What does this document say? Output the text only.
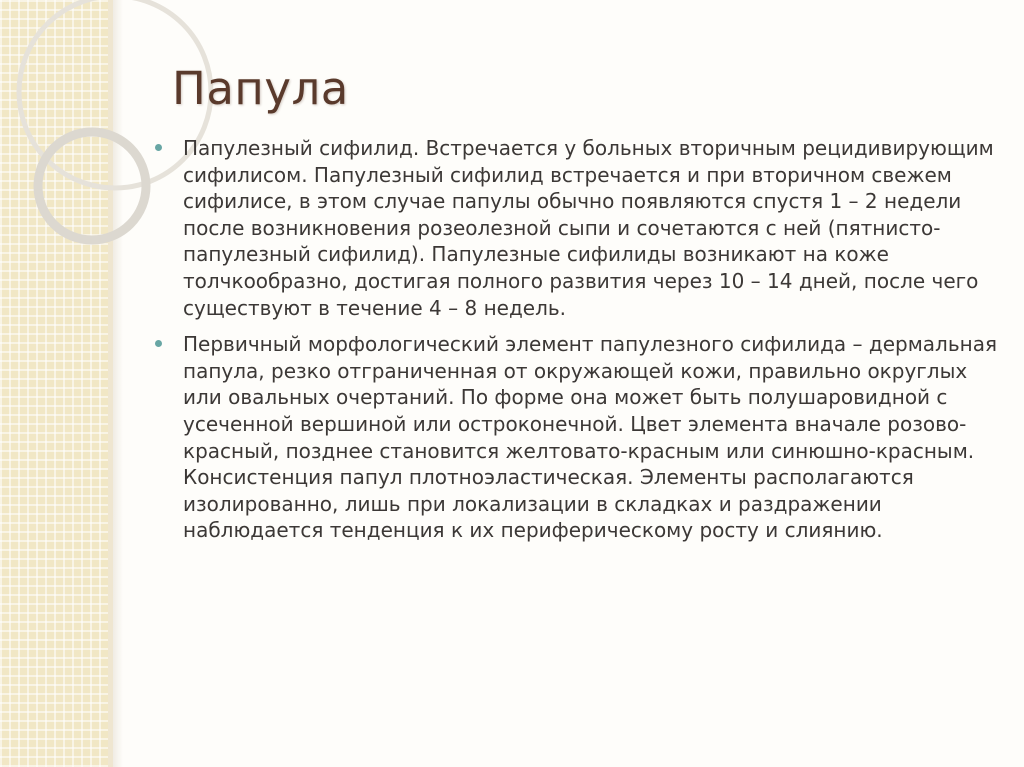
Папула
Папулезный сифилид. Встречается у больных вторичным рецидивирующим сифилисом. Папулезный сифилид встречается и при вторичном свежем сифилисе, в этом случае папулы обычно появляются спустя 1 – 2 недели после возникновения розеолезной сыпи и сочетаются с ней (пятнисто-папулезный сифилид). Папулезные сифилиды возникают на коже толчкообразно, достигая полного развития через 10 – 14 дней, после чего существуют в течение 4 – 8 недель.
Первичный морфологический элемент папулезного сифилида – дермальная папула, резко отграниченная от окружающей кожи, правильно округлых или овальных очертаний. По форме она может быть полушаровидной с усеченной вершиной или остроконечной. Цвет элемента вначале розово-красный, позднее становится желтовато-красным или синюшно-красным. Консистенция папул плотноэластическая. Элементы располагаются изолированно, лишь при локализации в складках и раздражении наблюдается тенденция к их периферическому росту и слиянию.
